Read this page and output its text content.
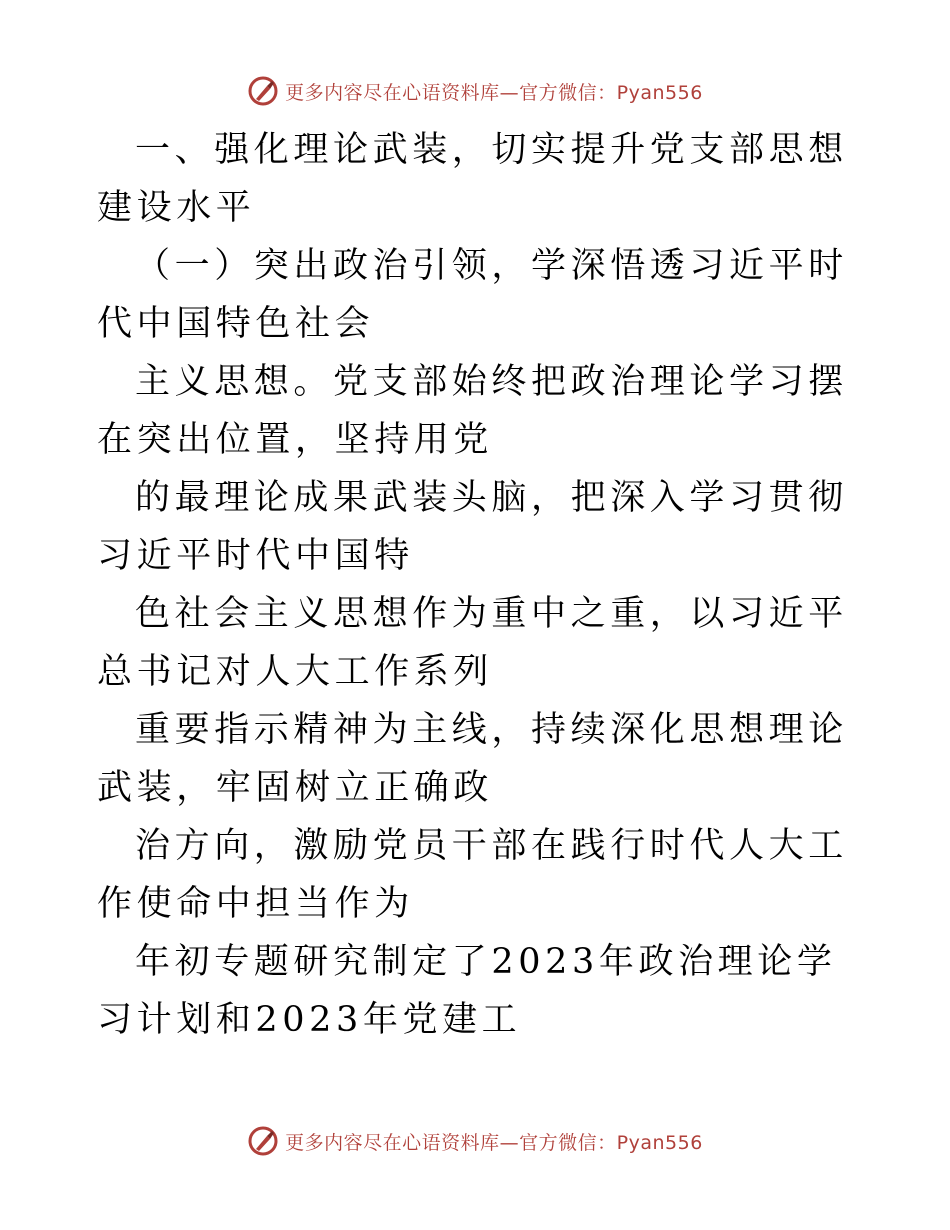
更多内容尽在心语资料库—官方微信：Pyan556

一、强化理论武装，切实提升党支部思想建设水平

（一）突出政治引领，学深悟透习近平时代中国特色社会

主义思想。党支部始终把政治理论学习摆在突出位置，坚持用党

的最理论成果武装头脑，把深入学习贯彻习近平时代中国特

色社会主义思想作为重中之重，以习近平总书记对人大工作系列

重要指示精神为主线，持续深化思想理论武装，牢固树立正确政

治方向，激励党员干部在践行时代人大工作使命中担当作为

年初专题研究制定了2023年政治理论学习计划和2023年党建工

更多内容尽在心语资料库—官方微信：Pyan556
